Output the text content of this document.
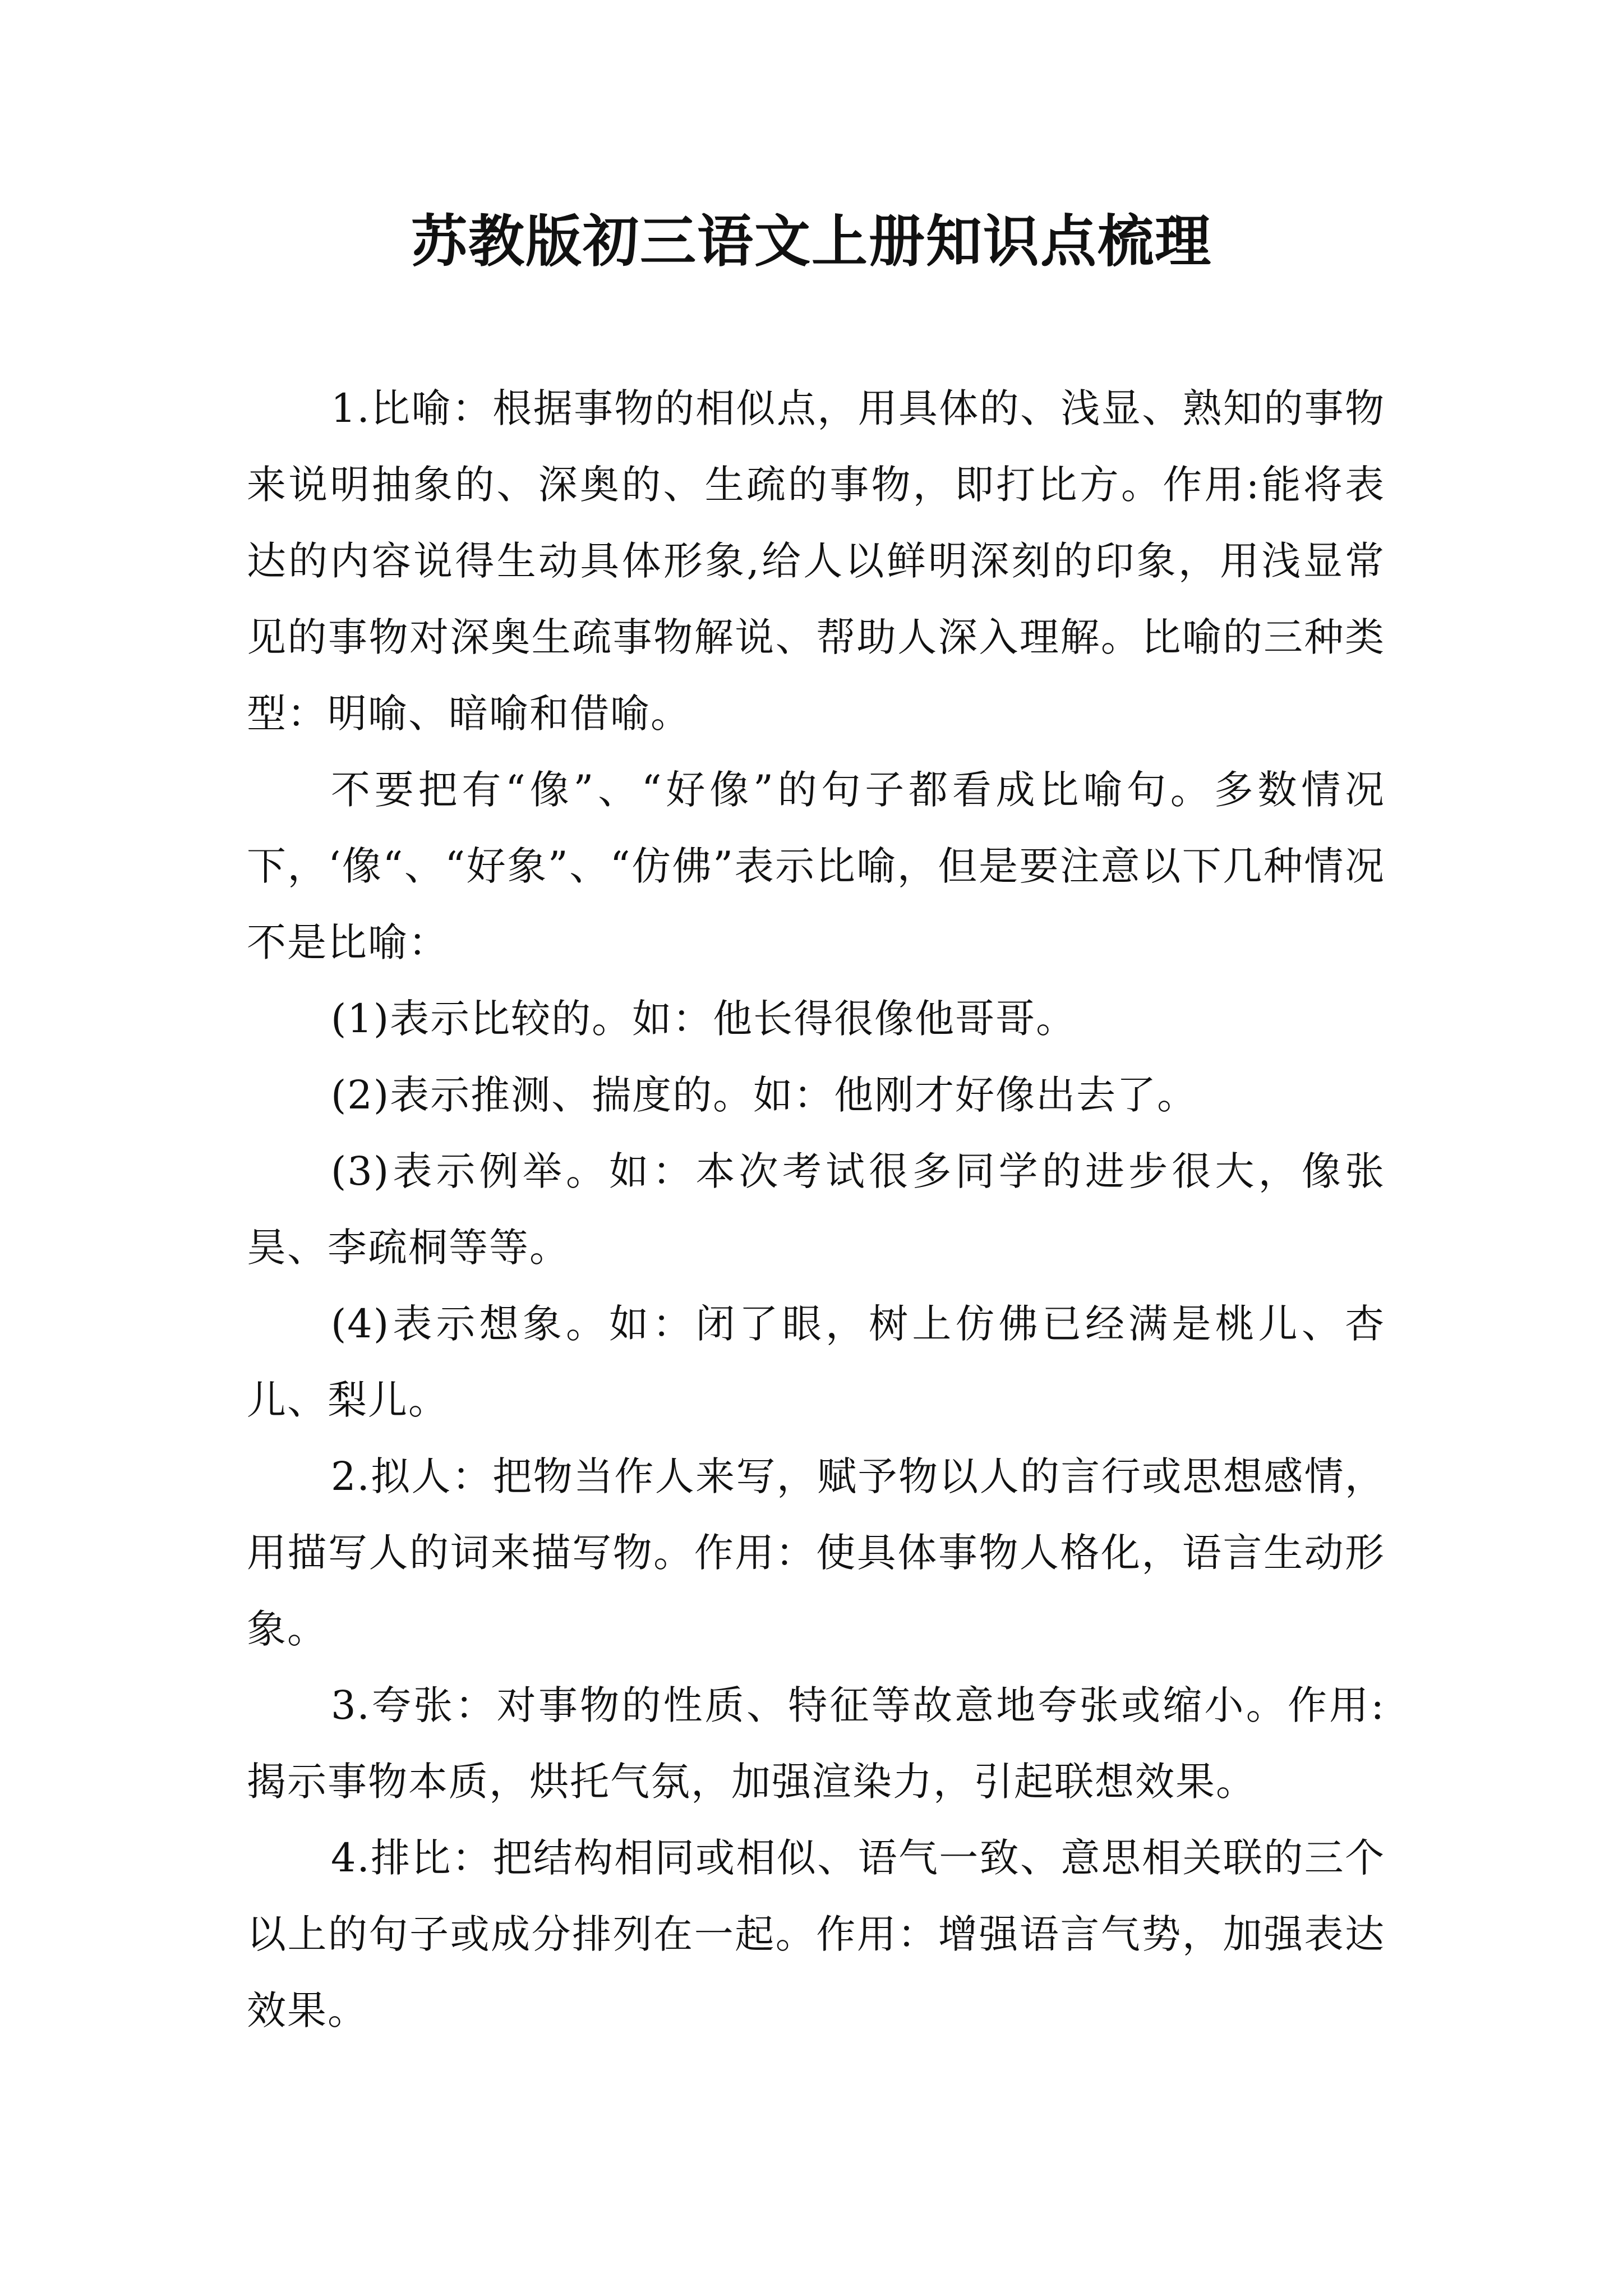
苏教版初三语文上册知识点梳理

1.比喻：根据事物的相似点，用具体的、浅显、熟知的事物来说明抽象的、深奥的、生疏的事物，即打比方。作用:能将表达的内容说得生动具体形象,给人以鲜明深刻的印象，用浅显常见的事物对深奥生疏事物解说、帮助人深入理解。比喻的三种类型：明喻、暗喻和借喻。

不要把有“像”、“好像”的句子都看成比喻句。多数情况下，‘像“、“好象”、“仿佛”表示比喻，但是要注意以下几种情况不是比喻：

(1)表示比较的。如：他长得很像他哥哥。

(2)表示推测、揣度的。如：他刚才好像出去了。

(3)表示例举。如：本次考试很多同学的进步很大，像张昊、李疏桐等等。

(4)表示想象。如：闭了眼，树上仿佛已经满是桃儿、杏儿、梨儿。

2.拟人：把物当作人来写，赋予物以人的言行或思想感情，用描写人的词来描写物。作用：使具体事物人格化，语言生动形象。

3.夸张：对事物的性质、特征等故意地夸张或缩小。作用:揭示事物本质，烘托气氛，加强渲染力，引起联想效果。

4.排比：把结构相同或相似、语气一致、意思相关联的三个以上的句子或成分排列在一起。作用：增强语言气势，加强表达效果。
